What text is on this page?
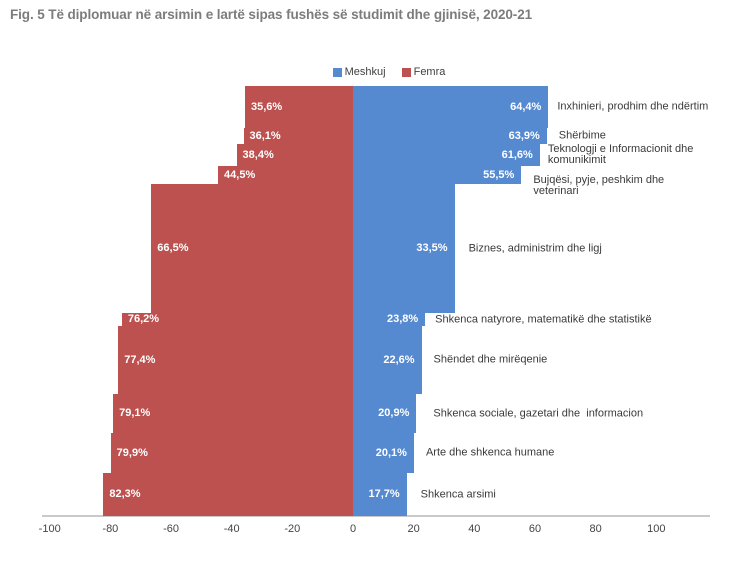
Fig. 5 Të diplomuar në arsimin e lartë sipas fushës së studimit dhe gjinisë, 2020-21
Meshkuj	Femra
35,6%	64,4%	Inxhinieri, prodhim dhe ndërtim
36,1%	63,9%	Shërbime
38,4%	61,6%	Teknologji e Informacionit dhe komunikimit
44,5%	55,5%	Bujqësi, pyje, peshkim dhe veterinari
66,5%	33,5%	Biznes, administrim dhe ligj
76,2%	23,8%	Shkenca natyrore, matematikë dhe statistikë
77,4%	22,6%	Shëndet dhe mirëqenie
79,1%	20,9%	Shkenca sociale, gazetari dhe  informacion
79,9%	20,1%	Arte dhe shkenca humane
82,3%	17,7%	Shkenca arsimi
-100	-80	-60	-40	-20	0	20	40	60	80	100
